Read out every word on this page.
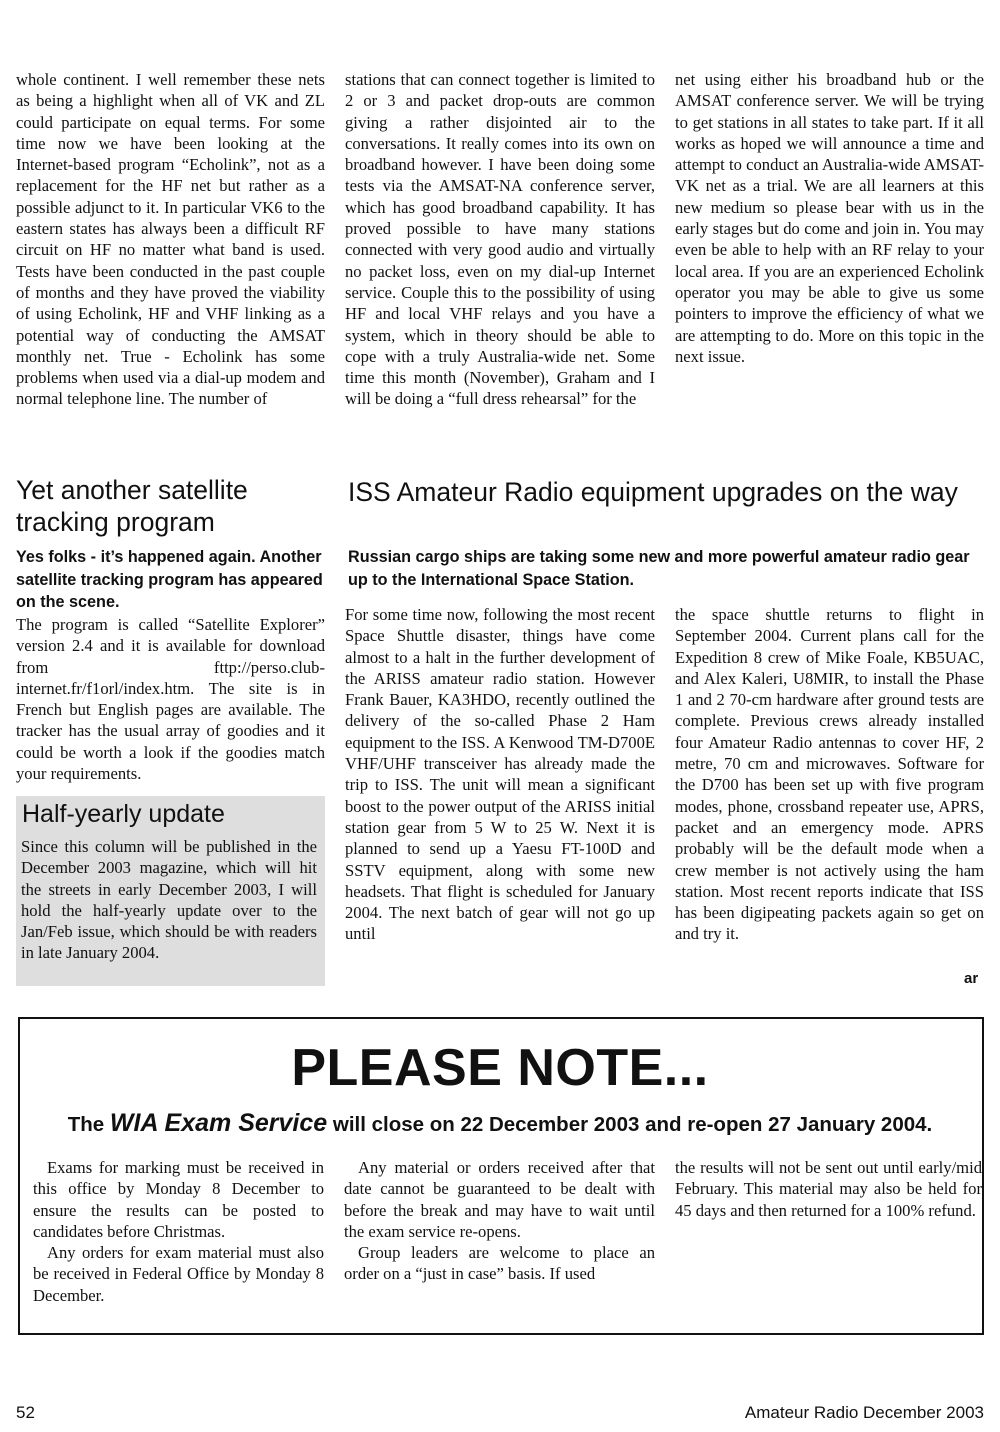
whole continent. I well remember these nets as being a highlight when all of VK and ZL could participate on equal terms. For some time now we have been looking at the Internet-based program “Echolink”, not as a replacement for the HF net but rather as a possible adjunct to it. In particular VK6 to the eastern states has always been a difficult RF circuit on HF no matter what band is used. Tests have been conducted in the past couple of months and they have proved the viability of using Echolink, HF and VHF linking as a potential way of conducting the AMSAT monthly net. True - Echolink has some problems when used via a dial-up modem and normal telephone line. The number of

stations that can connect together is limited to 2 or 3 and packet drop-outs are common giving a rather disjointed air to the conversations. It really comes into its own on broadband however. I have been doing some tests via the AMSAT-NA conference server, which has good broadband capability. It has proved possible to have many stations connected with very good audio and virtually no packet loss, even on my dial-up Internet service. Couple this to the possibility of using HF and local VHF relays and you have a system, which in theory should be able to cope with a truly Australia-wide net. Some time this month (November), Graham and I will be doing a “full dress rehearsal” for the

net using either his broadband hub or the AMSAT conference server. We will be trying to get stations in all states to take part. If it all works as hoped we will announce a time and attempt to conduct an Australia-wide AMSAT-VK net as a trial. We are all learners at this new medium so please bear with us in the early stages but do come and join in. You may even be able to help with an RF relay to your local area. If you are an experienced Echolink operator you may be able to give us some pointers to improve the efficiency of what we are attempting to do. More on this topic in the next issue.

Yet another satellite tracking program

Yes folks - it’s happened again. Another satellite tracking program has appeared on the scene.

The program is called “Satellite Explorer” version 2.4 and it is available for download from fttp://perso.club-internet.fr/f1orl/index.htm. The site is in French but English pages are available. The tracker has the usual array of goodies and it could be worth a look if the goodies match your requirements.

Half-yearly update

Since this column will be published in the December 2003 magazine, which will hit the streets in early December 2003, I will hold the half-yearly update over to the Jan/Feb issue, which should be with readers in late January 2004.

ISS Amateur Radio equipment upgrades on the way

Russian cargo ships are taking some new and more powerful amateur radio gear up to the International Space Station.

For some time now, following the most recent Space Shuttle disaster, things have come almost to a halt in the further development of the ARISS amateur radio station. However Frank Bauer, KA3HDO, recently outlined the delivery of the so-called Phase 2 Ham equipment to the ISS. A Kenwood TM-D700E VHF/UHF transceiver has already made the trip to ISS. The unit will mean a significant boost to the power output of the ARISS initial station gear from 5 W to 25 W. Next it is planned to send up a Yaesu FT-100D and SSTV equipment, along with some new headsets. That flight is scheduled for January 2004. The next batch of gear will not go up until

the space shuttle returns to flight in September 2004. Current plans call for the Expedition 8 crew of Mike Foale, KB5UAC, and Alex Kaleri, U8MIR, to install the Phase 1 and 2 70-cm hardware after ground tests are complete. Previous crews already installed four Amateur Radio antennas to cover HF, 2 metre, 70 cm and microwaves. Software for the D700 has been set up with five program modes, phone, crossband repeater use, APRS, packet and an emergency mode. APRS probably will be the default mode when a crew member is not actively using the ham station. Most recent reports indicate that ISS has been digipeating packets again so get on and try it.

ar
PLEASE NOTE...

The WIA Exam Service will close on 22 December 2003 and re-open 27 January 2004.

Exams for marking must be received in this office by Monday 8 December to ensure the results can be posted to candidates before Christmas.

Any orders for exam material must also be received in Federal Office by Monday 8 December.

Any material or orders received after that date cannot be guaranteed to be dealt with before the break and may have to wait until the exam service re-opens.

Group leaders are welcome to place an order on a “just in case” basis. If used

the results will not be sent out until early/mid February. This material may also be held for 45 days and then returned for a 100% refund.

52	Amateur Radio December 2003
